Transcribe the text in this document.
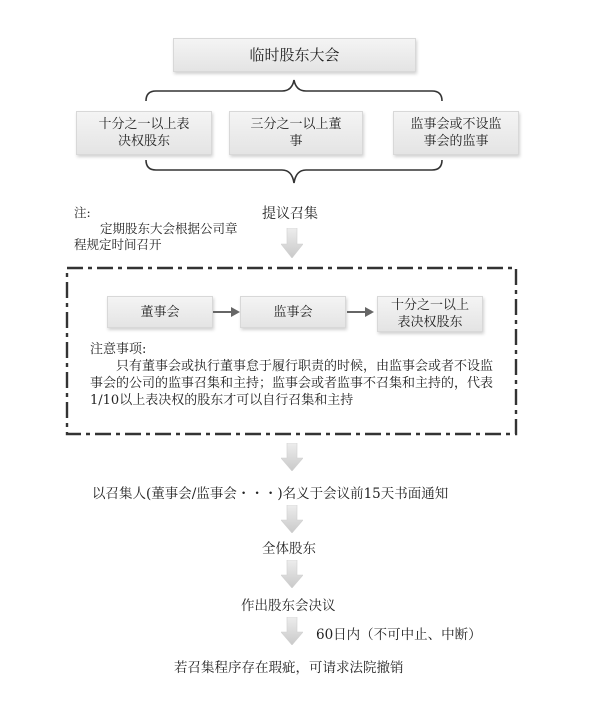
临时股东大会
十分之一以上表决权股东
三分之一以上董事
监事会或不设监事会的监事
提议召集
注:
定期股东大会根据公司章程规定时间召开
董事会	监事会	十分之一以上表决权股东
注意事项:
只有董事会或执行董事怠于履行职责的时候，由监事会或者不设监事会的公司的监事召集和主持；监事会或者监事不召集和主持的，代表1/10以上表决权的股东才可以自行召集和主持
以召集人(董事会/监事会・・・)名义于会议前15天书面通知
全体股东
作出股东会决议
60日内（不可中止、中断）
若召集程序存在瑕疵，可请求法院撤销
